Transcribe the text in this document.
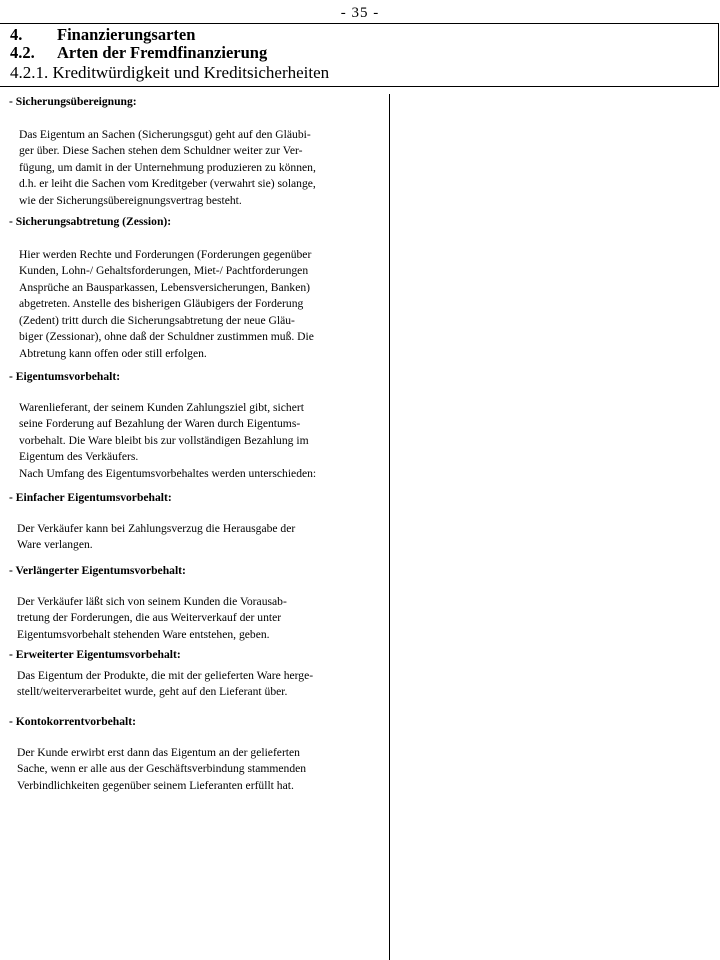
- 35 -
4. Finanzierungsarten
4.2. Arten der Fremdfinanzierung
4.2.1. Kreditwürdigkeit und Kreditsicherheiten
- Sicherungsübereignung:
Das Eigentum an Sachen (Sicherungsgut) geht auf den Gläubi-
ger über. Diese Sachen stehen dem Schuldner weiter zur Ver-
fügung, um damit in der Unternehmung produzieren zu können,
d.h. er leiht die Sachen vom Kreditgeber (verwahrt sie) solange,
wie der Sicherungsübereignungsvertrag besteht.
- Sicherungsabtretung (Zession):
Hier werden Rechte und Forderungen (Forderungen gegenüber
Kunden, Lohn-/ Gehaltsforderungen, Miet-/ Pachtforderungen
Ansprüche an Bausparkassen, Lebensversicherungen, Banken)
abgetreten. Anstelle des bisherigen Gläubigers der Forderung
(Zedent) tritt durch die Sicherungsabtretung der neue Gläu-
biger (Zessionar), ohne daß der Schuldner zustimmen muß. Die
Abtretung kann offen oder still erfolgen.
- Eigentumsvorbehalt:
Warenlieferant, der seinem Kunden Zahlungsziel gibt, sichert
seine Forderung auf Bezahlung der Waren durch Eigentums-
vorbehalt. Die Ware bleibt bis zur vollständigen Bezahlung im
Eigentum des Verkäufers.
Nach Umfang des Eigentumsvorbehaltes werden unterschieden:
- Einfacher Eigentumsvorbehalt:
Der Verkäufer kann bei Zahlungsverzug die Herausgabe der
Ware verlangen.
- Verlängerter Eigentumsvorbehalt:
Der Verkäufer läßt sich von seinem Kunden die Vorausab-
tretung der Forderungen, die aus Weiterverkauf der unter
Eigentumsvorbehalt stehenden Ware entstehen, geben.
- Erweiterter Eigentumsvorbehalt:
Das Eigentum der Produkte, die mit der gelieferten Ware herge-
stellt/weiterverarbeitet wurde, geht auf den Lieferant über.
- Kontokorrentvorbehalt:
Der Kunde erwirbt erst dann das Eigentum an der gelieferten
Sache, wenn er alle aus der Geschäftsverbindung stammenden
Verbindlichkeiten gegenüber seinem Lieferanten erfüllt hat.
